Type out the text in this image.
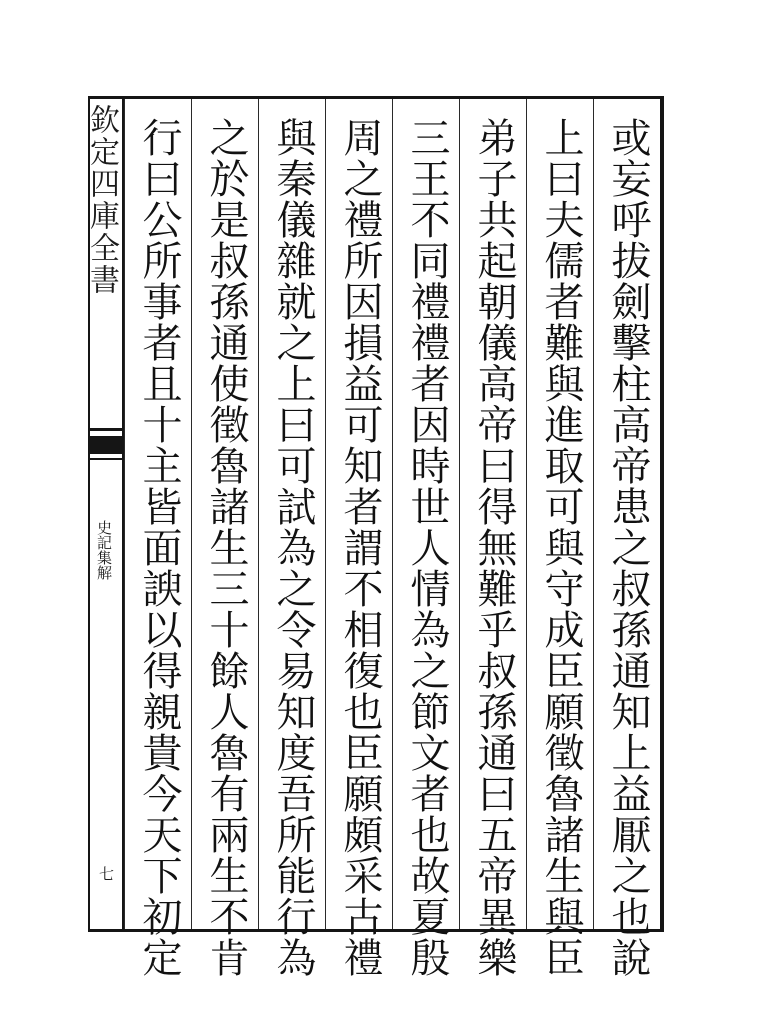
欽定四庫全書
史記集解
七 行曰公所事者且十主皆面諛以得親貴今天下初定 之於是叔孫通使徵魯諸生三十餘人魯有兩生不肯 與秦儀雜就之上曰可試為之令易知度吾所能行為 周之禮所因損益可知者謂不相復也臣願頗采古禮 三王不同禮禮者因時世人情為之節文者也故夏殷 弟子共起朝儀高帝曰得無難乎叔孫通曰五帝異樂 上曰夫儒者難與進取可與守成臣願徵魯諸生與臣 或妄呼拔劍擊柱高帝患之叔孫通知上益厭之也說
